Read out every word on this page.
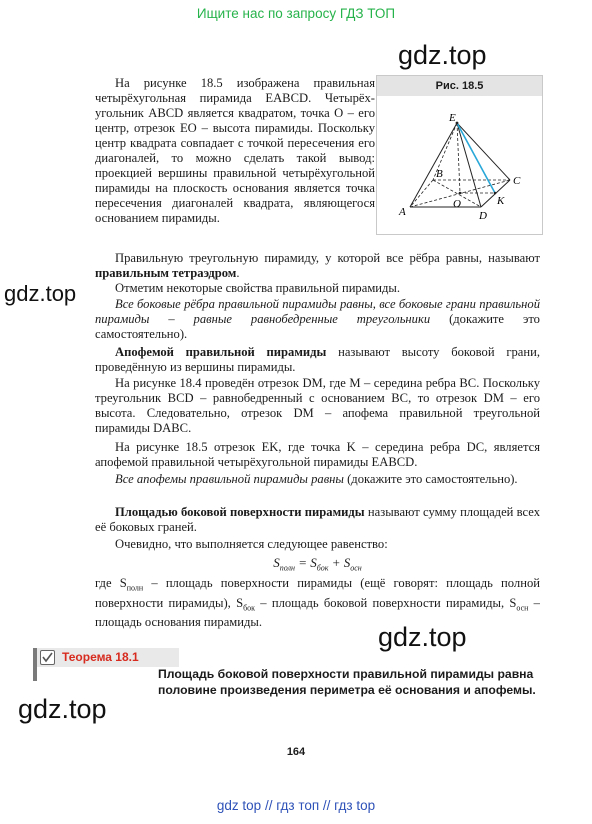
Ищите нас по запросу ГДЗ ТОП
gdz.top
gdz.top
gdz.top
gdz.top
Рис. 18.5
E
B
C
O	K
A	D

На рисунке 18.5 изображена правильная четырёхугольная пирамида EABCD. Четырёх-угольник ABCD является квадратом, точка O – его центр, отрезок EO – высота пирамиды. Поскольку центр квадрата совпадает с точкой пересечения его диагоналей, то можно сделать такой вывод: проекцией вершины правильной четырёхугольной пирамиды на плоскость основания является точка пересечения диагоналей квадрата, являющегося основанием пирамиды.

Правильную треугольную пирамиду, у которой все рёбра равны, называют правильным тетраэдром.

Отметим некоторые свойства правильной пирамиды.

Все боковые рёбра правильной пирамиды равны, все боковые грани правильной пирамиды – равные равнобедренные треугольники (докажите это самостоятельно).

Апофемой правильной пирамиды называют высоту боковой грани, проведённую из вершины пирамиды.

На рисунке 18.4 проведён отрезок DM, где M – середина ребра BC. Поскольку треугольник BCD – равнобедренный с основанием BC, то отрезок DM – его высота. Следовательно, отрезок DM – апофема правильной треугольной пирамиды DABC.

На рисунке 18.5 отрезок EK, где точка K – середина ребра DC, является апофемой правильной четырёхугольной пирамиды EABCD.

Все апофемы правильной пирамиды равны (докажите это самостоятельно).

Площадью боковой поверхности пирамиды называют сумму площадей всех её боковых граней.

Очевидно, что выполняется следующее равенство:

$S_{полн} = S_{бок} + S_{осн}$

где $S_{полн}$ – площадь поверхности пирамиды (ещё говорят: площадь полной поверхности пирамиды), $S_{бок}$ – площадь боковой поверхности пирамиды, $S_{осн}$ – площадь основания пирамиды.

Теорема 18.1
Площадь боковой поверхности правильной пирамиды равна половине произведения периметра её основания и апофемы.
164
gdz top // гдз топ // гдз top
